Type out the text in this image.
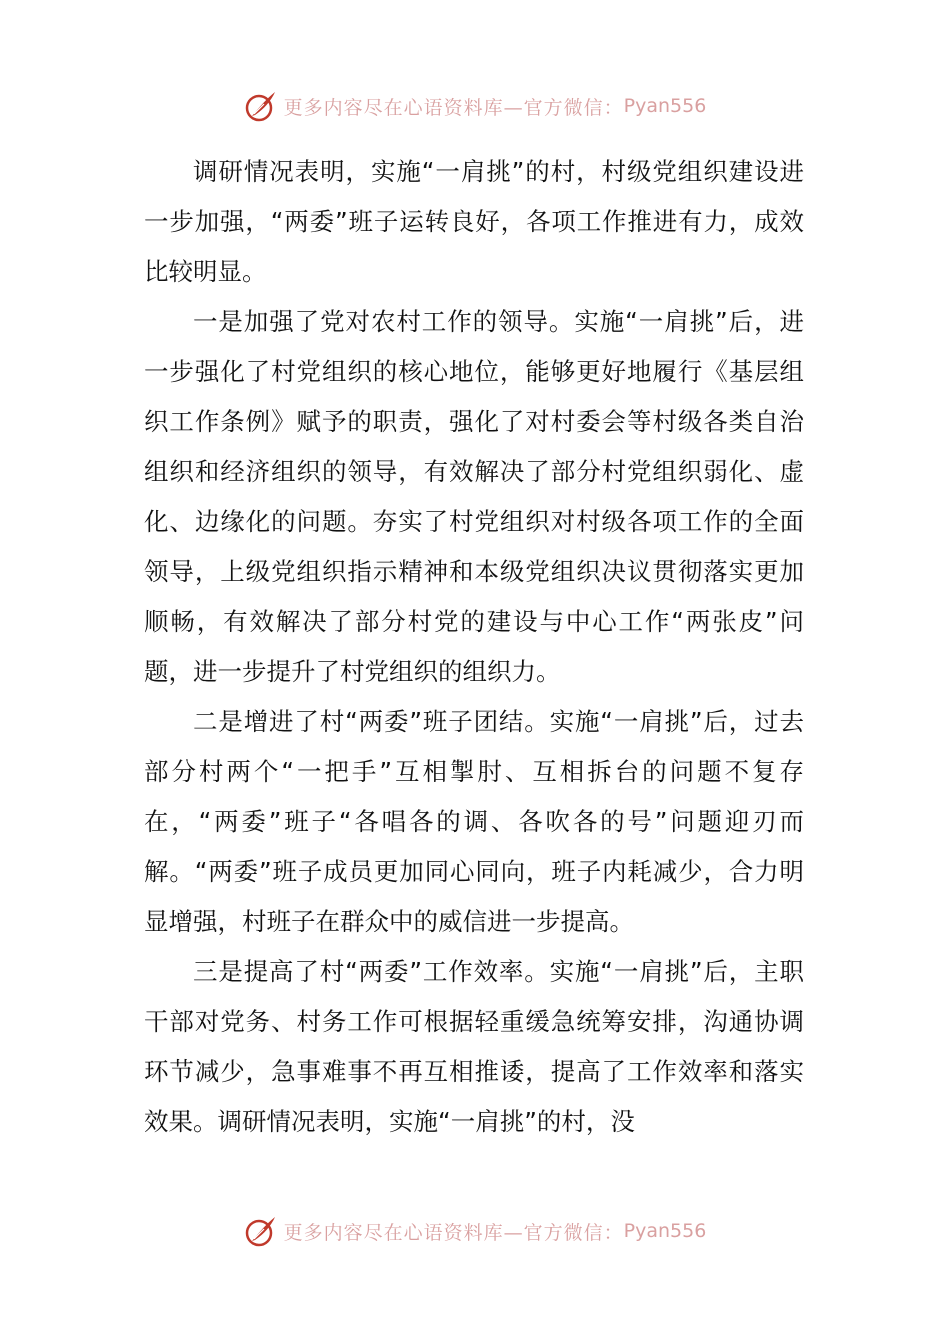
更多内容尽在心语资料库—官方微信： Pyan556

调研情况表明，实施“一肩挑”的村，村级党组织建设进一步加强，“两委”班子运转良好，各项工作推进有力，成效比较明显。

一是加强了党对农村工作的领导。实施“一肩挑”后，进一步强化了村党组织的核心地位，能够更好地履行《基层组织工作条例》赋予的职责，强化了对村委会等村级各类自治组织和经济组织的领导，有效解决了部分村党组织弱化、虚化、边缘化的问题。夯实了村党组织对村级各项工作的全面领导，上级党组织指示精神和本级党组织决议贯彻落实更加顺畅，有效解决了部分村党的建设与中心工作“两张皮”问题，进一步提升了村党组织的组织力。

二是增进了村“两委”班子团结。实施“一肩挑”后，过去部分村两个“一把手”互相掣肘、互相拆台的问题不复存在，“两委”班子“各唱各的调、各吹各的号”问题迎刃而解。“两委”班子成员更加同心同向，班子内耗减少，合力明显增强，村班子在群众中的威信进一步提高。

三是提高了村“两委”工作效率。实施“一肩挑”后，主职干部对党务、村务工作可根据轻重缓急统筹安排，沟通协调环节减少，急事难事不再互相推诿，提高了工作效率和落实效果。调研情况表明，实施“一肩挑”的村，没

更多内容尽在心语资料库—官方微信： Pyan556
